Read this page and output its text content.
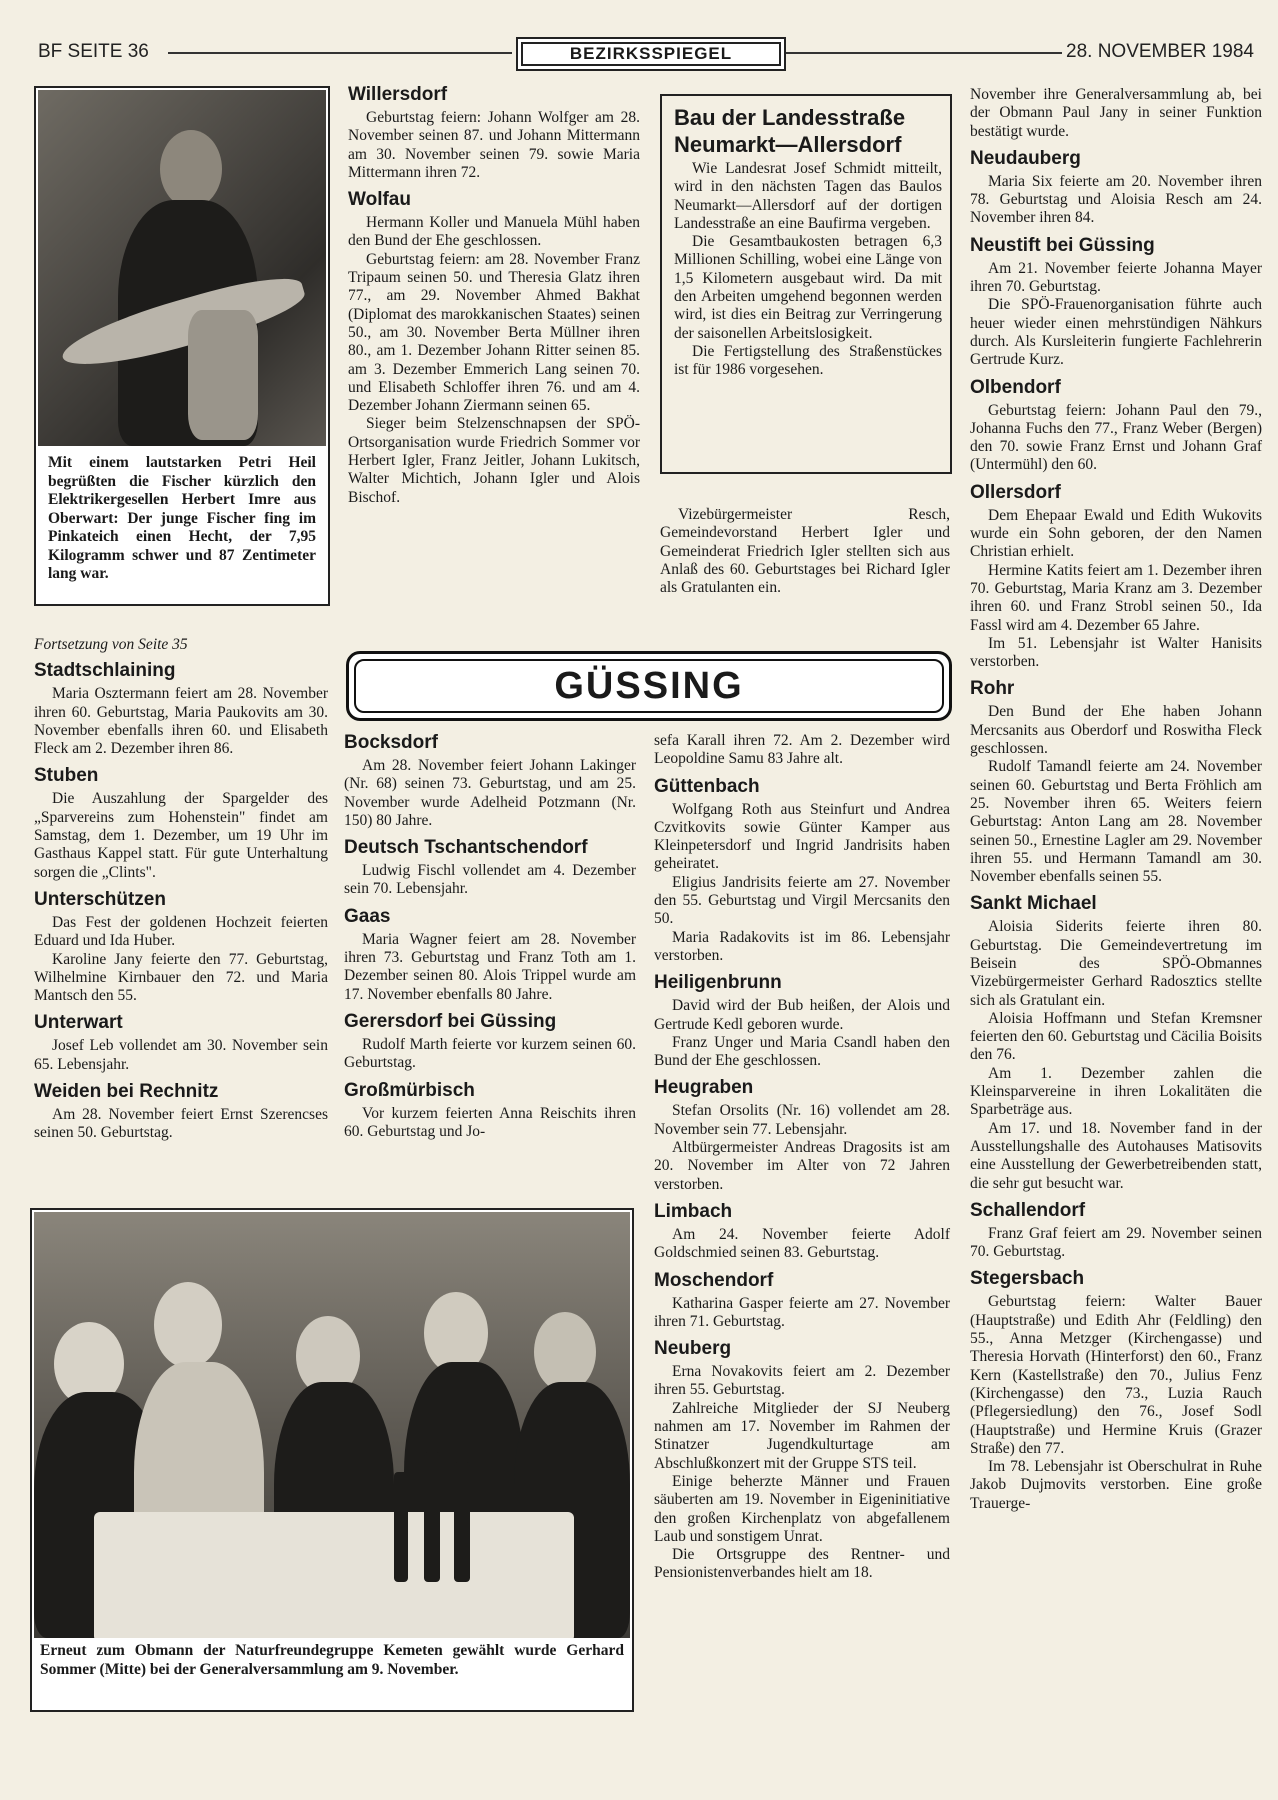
BF SEITE 36	BEZIRKSSPIEGEL	28. NOVEMBER 1984
Mit einem lautstarken Petri Heil begrüßten die Fischer kürzlich den Elektrikergesellen Herbert Imre aus Oberwart: Der junge Fischer fing im Pinkateich einen Hecht, der 7,95 Kilogramm schwer und 87 Zentimeter lang war.
Willersdorf

Geburtstag feiern: Johann Wolfger am 28. November seinen 87. und Johann Mittermann am 30. November seinen 79. sowie Maria Mittermann ihren 72.

Wolfau

Hermann Koller und Manuela Mühl haben den Bund der Ehe geschlossen.

Geburtstag feiern: am 28. November Franz Tripaum seinen 50. und Theresia Glatz ihren 77., am 29. November Ahmed Bakhat (Diplomat des marokkanischen Staates) seinen 50., am 30. November Berta Müllner ihren 80., am 1. Dezember Johann Ritter seinen 85. am 3. Dezember Emmerich Lang seinen 70. und Elisabeth Schloffer ihren 76. und am 4. Dezember Johann Ziermann seinen 65.

Sieger beim Stelzenschnapsen der SPÖ-Ortsorganisation wurde Friedrich Sommer vor Herbert Igler, Franz Jeitler, Johann Lukitsch, Walter Michtich, Johann Igler und Alois Bischof.

Bau der Landesstraße Neumarkt—Allersdorf

Wie Landesrat Josef Schmidt mitteilt, wird in den nächsten Tagen das Baulos Neumarkt—Allersdorf auf der dortigen Landesstraße an eine Baufirma vergeben.

Die Gesamtbaukosten betragen 6,3 Millionen Schilling, wobei eine Länge von 1,5 Kilometern ausgebaut wird. Da mit den Arbeiten umgehend begonnen werden wird, ist dies ein Beitrag zur Verringerung der saisonellen Arbeitslosigkeit.

Die Fertigstellung des Straßenstückes ist für 1986 vorgesehen.

Vizebürgermeister Resch, Gemeindevorstand Herbert Igler und Gemeinderat Friedrich Igler stellten sich aus Anlaß des 60. Geburtstages bei Richard Igler als Gratulanten ein.

November ihre Generalversammlung ab, bei der Obmann Paul Jany in seiner Funktion bestätigt wurde.

Neudauberg

Maria Six feierte am 20. November ihren 78. Geburtstag und Aloisia Resch am 24. November ihren 84.

Neustift bei Güssing

Am 21. November feierte Johanna Mayer ihren 70. Geburtstag.

Die SPÖ-Frauenorganisation führte auch heuer wieder einen mehrstündigen Nähkurs durch. Als Kursleiterin fungierte Fachlehrerin Gertrude Kurz.

Olbendorf

Geburtstag feiern: Johann Paul den 79., Johanna Fuchs den 77., Franz Weber (Bergen) den 70. sowie Franz Ernst und Johann Graf (Untermühl) den 60.

Ollersdorf

Dem Ehepaar Ewald und Edith Wukovits wurde ein Sohn geboren, der den Namen Christian erhielt.

Hermine Katits feiert am 1. Dezember ihren 70. Geburtstag, Maria Kranz am 3. Dezember ihren 60. und Franz Strobl seinen 50., Ida Fassl wird am 4. Dezember 65 Jahre.

Im 51. Lebensjahr ist Walter Hanisits verstorben.

Rohr

Den Bund der Ehe haben Johann Mercsanits aus Oberdorf und Roswitha Fleck geschlossen.

Rudolf Tamandl feierte am 24. November seinen 60. Geburtstag und Berta Fröhlich am 25. November ihren 65. Weiters feiern Geburtstag: Anton Lang am 28. November seinen 50., Ernestine Lagler am 29. November ihren 55. und Hermann Tamandl am 30. November ebenfalls seinen 55.

Sankt Michael

Aloisia Siderits feierte ihren 80. Geburtstag. Die Gemeindevertretung im Beisein des SPÖ-Obmannes Vizebürgermeister Gerhard Radosztics stellte sich als Gratulant ein.

Aloisia Hoffmann und Stefan Kremsner feierten den 60. Geburtstag und Cäcilia Boisits den 76.

Am 1. Dezember zahlen die Kleinsparvereine in ihren Lokalitäten die Sparbeträge aus.

Am 17. und 18. November fand in der Ausstellungshalle des Autohauses Matisovits eine Ausstellung der Gewerbetreibenden statt, die sehr gut besucht war.

Schallendorf

Franz Graf feiert am 29. November seinen 70. Geburtstag.

Stegersbach

Geburtstag feiern: Walter Bauer (Hauptstraße) und Edith Ahr (Feldling) den 55., Anna Metzger (Kirchengasse) und Theresia Horvath (Hinterforst) den 60., Franz Kern (Kastellstraße) den 70., Julius Fenz (Kirchengasse) den 73., Luzia Rauch (Pflegersiedlung) den 76., Josef Sodl (Hauptstraße) und Hermine Kruis (Grazer Straße) den 77.

Im 78. Lebensjahr ist Oberschulrat in Ruhe Jakob Dujmovits verstorben. Eine große Trauerge-

Fortsetzung von Seite 35
Stadtschlaining

Maria Osztermann feiert am 28. November ihren 60. Geburtstag, Maria Paukovits am 30. November ebenfalls ihren 60. und Elisabeth Fleck am 2. Dezember ihren 86.

Stuben

Die Auszahlung der Spargelder des „Sparvereins zum Hohenstein" findet am Samstag, dem 1. Dezember, um 19 Uhr im Gasthaus Kappel statt. Für gute Unterhaltung sorgen die „Clints".

Unterschützen

Das Fest der goldenen Hochzeit feierten Eduard und Ida Huber.

Karoline Jany feierte den 77. Geburtstag, Wilhelmine Kirnbauer den 72. und Maria Mantsch den 55.

Unterwart

Josef Leb vollendet am 30. November sein 65. Lebensjahr.

Weiden bei Rechnitz

Am 28. November feiert Ernst Szerencses seinen 50. Geburtstag.

GÜSSING
Bocksdorf

Am 28. November feiert Johann Lakinger (Nr. 68) seinen 73. Geburtstag, und am 25. November wurde Adelheid Potzmann (Nr. 150) 80 Jahre.

Deutsch Tschantschendorf

Ludwig Fischl vollendet am 4. Dezember sein 70. Lebensjahr.

Gaas

Maria Wagner feiert am 28. November ihren 73. Geburtstag und Franz Toth am 1. Dezember seinen 80. Alois Trippel wurde am 17. November ebenfalls 80 Jahre.

Gerersdorf bei Güssing

Rudolf Marth feierte vor kurzem seinen 60. Geburtstag.

Großmürbisch

Vor kurzem feierten Anna Reischits ihren 60. Geburtstag und Jo-

sefa Karall ihren 72. Am 2. Dezember wird Leopoldine Samu 83 Jahre alt.

Güttenbach

Wolfgang Roth aus Steinfurt und Andrea Czvitkovits sowie Günter Kamper aus Kleinpetersdorf und Ingrid Jandrisits haben geheiratet.

Eligius Jandrisits feierte am 27. November den 55. Geburtstag und Virgil Mercsanits den 50.

Maria Radakovits ist im 86. Lebensjahr verstorben.

Heiligenbrunn

David wird der Bub heißen, der Alois und Gertrude Kedl geboren wurde.

Franz Unger und Maria Csandl haben den Bund der Ehe geschlossen.

Heugraben

Stefan Orsolits (Nr. 16) vollendet am 28. November sein 77. Lebensjahr.

Altbürgermeister Andreas Dragosits ist am 20. November im Alter von 72 Jahren verstorben.

Limbach

Am 24. November feierte Adolf Goldschmied seinen 83. Geburtstag.

Moschendorf

Katharina Gasper feierte am 27. November ihren 71. Geburtstag.

Neuberg

Erna Novakovits feiert am 2. Dezember ihren 55. Geburtstag.

Zahlreiche Mitglieder der SJ Neuberg nahmen am 17. November im Rahmen der Stinatzer Jugendkulturtage am Abschlußkonzert mit der Gruppe STS teil.

Einige beherzte Männer und Frauen säuberten am 19. November in Eigeninitiative den großen Kirchenplatz von abgefallenem Laub und sonstigem Unrat.

Die Ortsgruppe des Rentner- und Pensionistenverbandes hielt am 18.

Erneut zum Obmann der Naturfreundegruppe Kemeten gewählt wurde Gerhard Sommer (Mitte) bei der Generalversammlung am 9. November.
